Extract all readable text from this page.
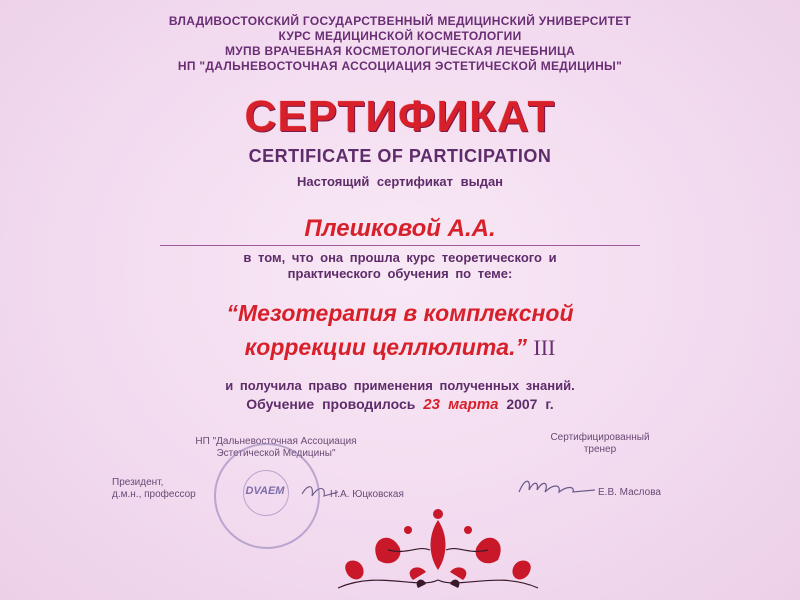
ВЛАДИВОСТОКСКИЙ ГОСУДАРСТВЕННЫЙ МЕДИЦИНСКИЙ УНИВЕРСИТЕТ
КУРС МЕДИЦИНСКОЙ КОСМЕТОЛОГИИ
МУПВ ВРАЧЕБНАЯ КОСМЕТОЛОГИЧЕСКАЯ ЛЕЧЕБНИЦА
НП "ДАЛЬНЕВОСТОЧНАЯ АССОЦИАЦИЯ ЭСТЕТИЧЕСКОЙ МЕДИЦИНЫ"
СЕРТИФИКАТ
CERTIFICATE OF PARTICIPATION
Настоящий сертификат выдан
Плешковой А.А.
в том, что она прошла курс теоретического и
практического обучения по теме:
“Мезотерапия в комплексной
коррекции целлюлита.” III
и получила право применения полученных знаний.
Обучение проводилось 23 марта 2007 г.
НП "Дальневосточная Ассоциация
Эстетической Медицины"
Президент,
д.м.н., профессор	Н.А. Юцковская
DVAEM
Сертифицированный
тренер
Е.В. Маслова
